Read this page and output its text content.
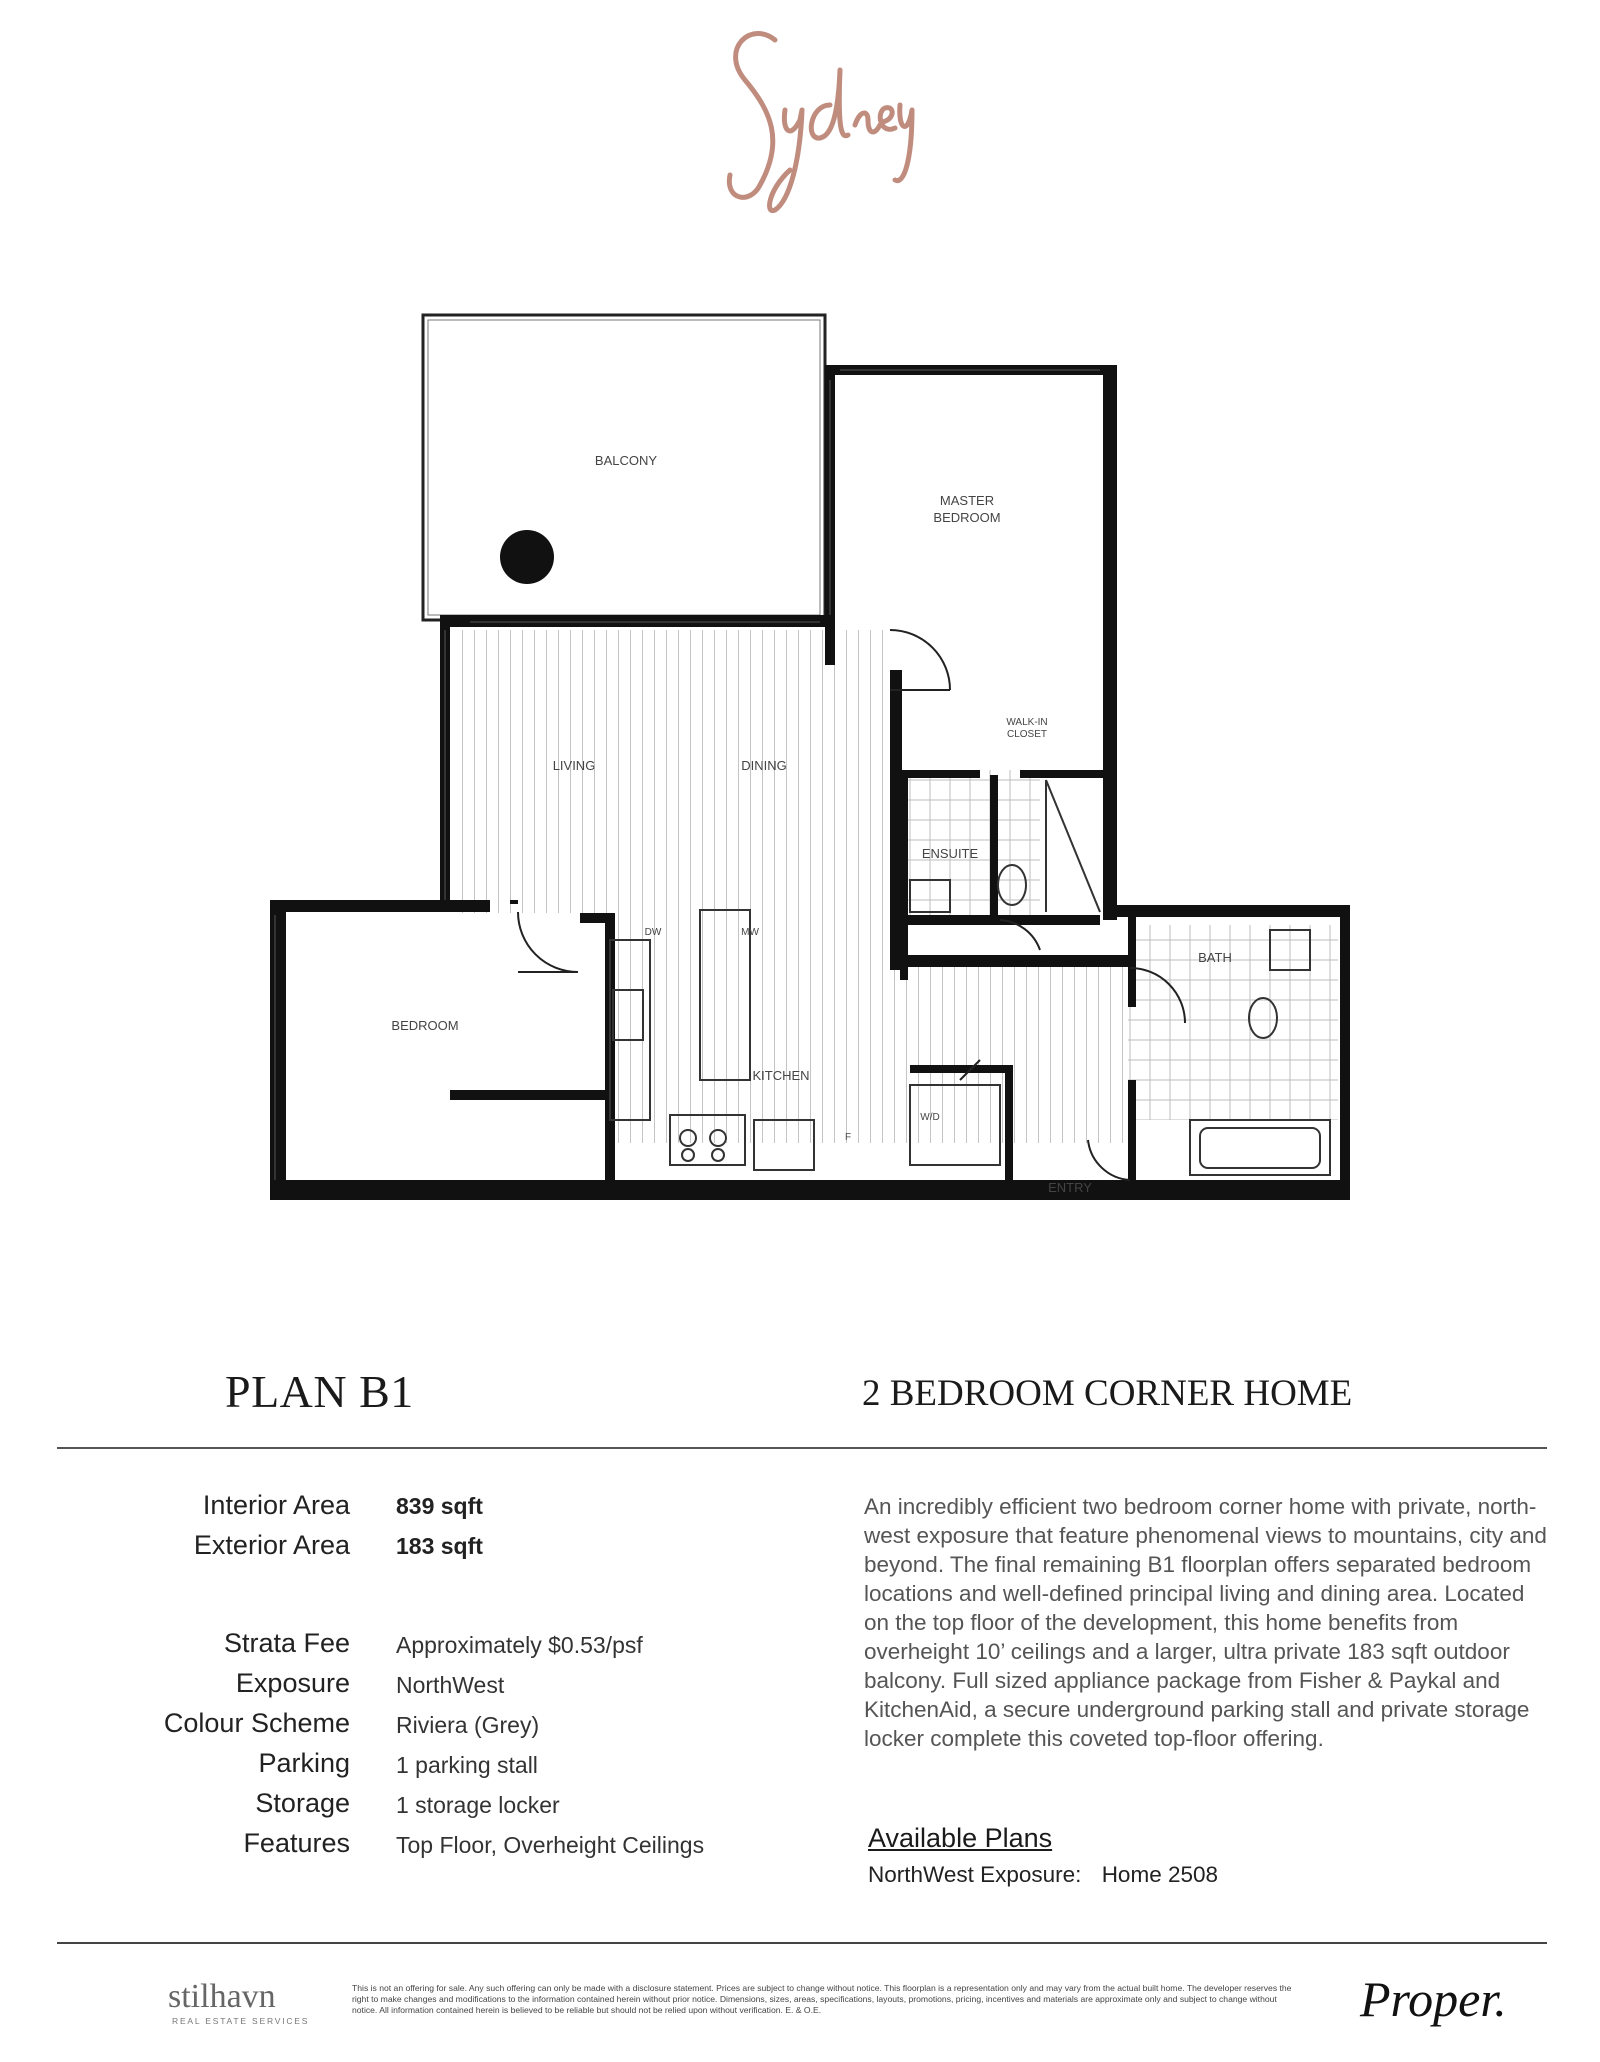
BALCONY
MASTER
BEDROOM
WALK-IN
CLOSET
LIVING	DINING
ENSUITE
BEDROOM
BATH
KITCHEN
ENTRY
DW	MW
W/D
F
PLAN B1	2 BEDROOM CORNER HOME
Interior Area 839 sqft
Exterior Area 183 sqft
Strata Fee Approximately $0.53/psf
Exposure NorthWest
Colour Scheme Riviera (Grey)
Parking 1 parking stall
Storage 1 storage locker
Features Top Floor, Overheight Ceilings
An incredibly efficient two bedroom corner home with private, north-west exposure that feature phenomenal views to mountains, city and beyond. The final remaining B1 floorplan offers separated bedroom locations and well-defined principal living and dining area. Located on the top floor of the development, this home benefits from overheight 10’ ceilings and a larger, ultra private 183 sqft outdoor balcony. Full sized appliance package from Fisher & Paykal and KitchenAid, a secure underground parking stall and private storage locker complete this coveted top-floor offering.
Available Plans
NorthWest Exposure: Home 2508
stilhavn
REAL ESTATE SERVICES
This is not an offering for sale. Any such offering can only be made with a disclosure statement. Prices are subject to change without notice. This floorplan is a representation only and may vary from the actual built home. The developer reserves the right to make changes and modifications to the information contained herein without prior notice. Dimensions, sizes, areas, specifications, layouts, promotions, pricing, incentives and materials are approximate only and subject to change without notice. All information contained herein is believed to be reliable but should not be relied upon without verification. E. & O.E.	Proper.
